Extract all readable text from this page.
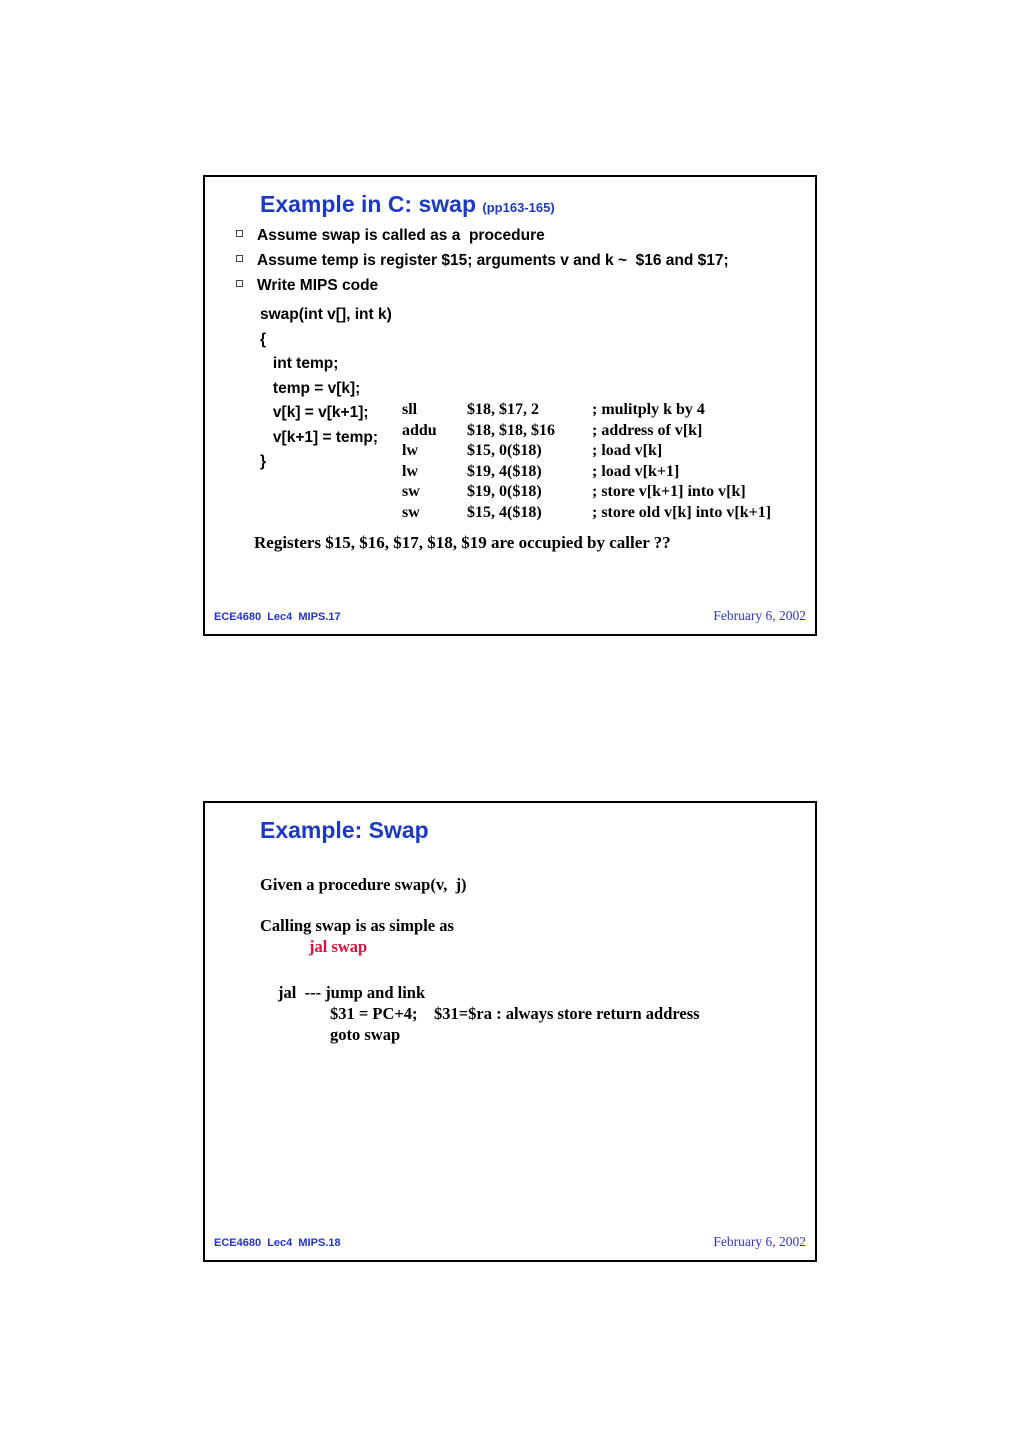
Example in C: swap (pp163-165)
Assume swap is called as a  procedure
Assume temp is register $15; arguments v and k ~  $16 and $17;
Write MIPS code
swap(int v[], int k)
{
int temp;
temp = v[k];
v[k] = v[k+1];
v[k+1] = temp;
}
sll	$18, $17, 2	; mulitply k by 4
addu	$18, $18, $16	; address of v[k]
lw	$15, 0($18)	; load v[k]
lw	$19, 4($18)	; load v[k+1]
sw	$19, 0($18)	; store v[k+1] into v[k]
sw	$15, 4($18)	; store old v[k] into v[k+1]
Registers $15, $16, $17, $18, $19 are occupied by caller ??
ECE4680  Lec4  MIPS.17	February 6, 2002
Example: Swap
Given a procedure swap(v,  j)
Calling swap is as simple as
jal swap
jal  --- jump and link
$31 = PC+4; $31=$ra : always store return address
goto swap
ECE4680  Lec4  MIPS.18	February 6, 2002
